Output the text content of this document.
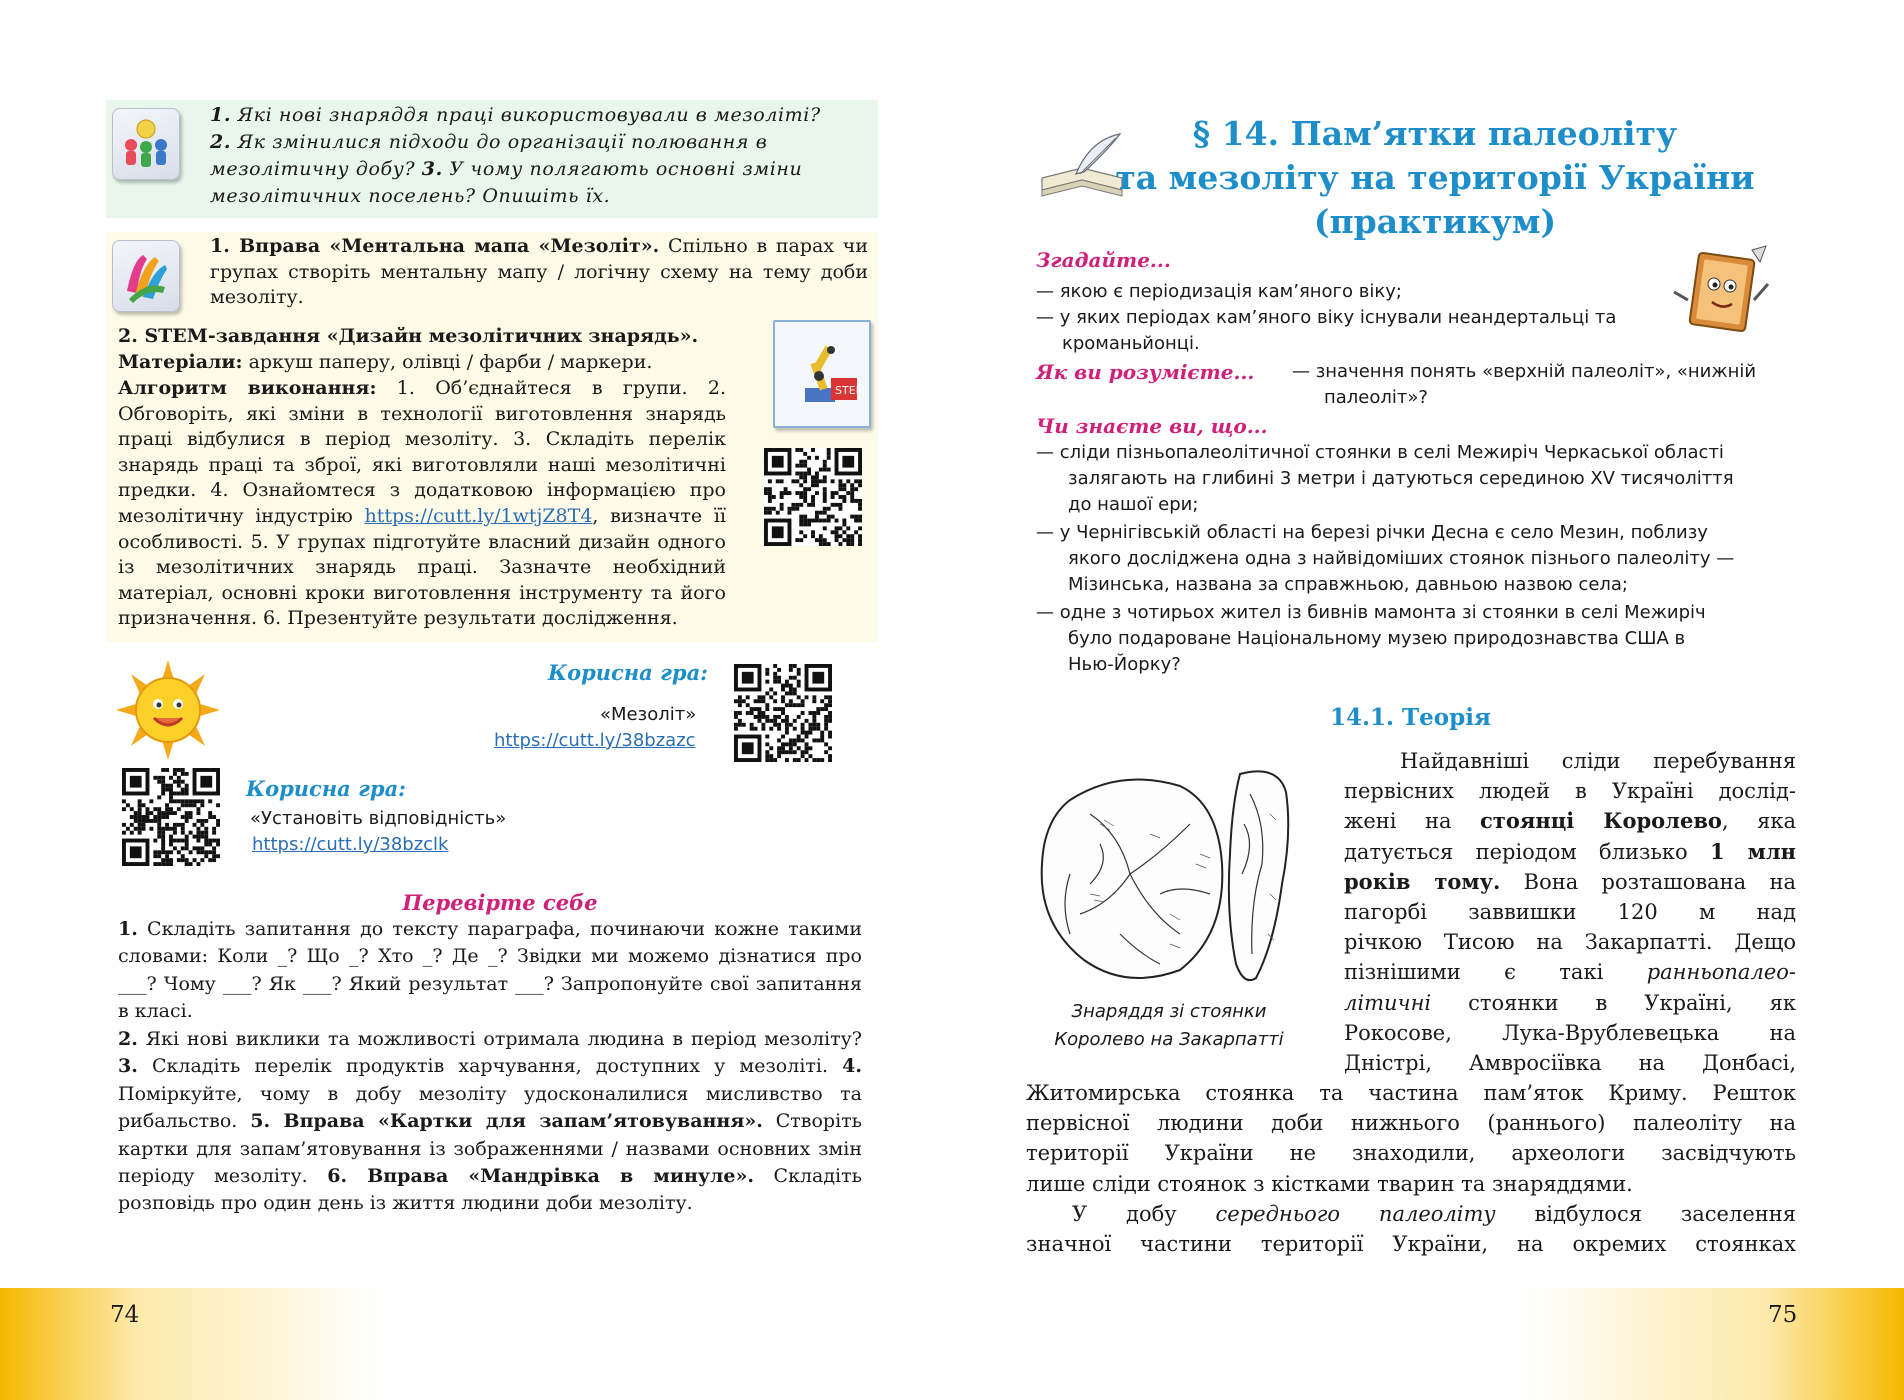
1. Які нові знаряддя праці використовували в мезоліті?
2. Як змінилися підходи до організації полювання в
мезолітичну добу? 3. У чому полягають основні зміни
мезолітичних поселень? Опишіть їх.
1. Вправа «Ментальна мапа «Мезоліт». Спільно в парах чи групах створіть ментальну мапу / логічну схему на тему доби мезоліту.
STEM
2. STEM-завдання «Дизайн мезолітичних знарядь».
Матеріали: аркуш паперу, олівці / фарби / маркери.

Алгоритм виконання: 1. Об’єднайтеся в групи. 2. Обговоріть, які зміни в технології виготовлення знарядь праці відбулися в період мезоліту. 3. Складіть перелік знарядь праці та зброї, які виготовляли наші мезолітичні предки. 4. Ознайомтеся з додатковою інформацією про мезолітичну індустрію https://cutt.ly/1wtjZ8T4, визначте її особливості. 5. У групах підготуйте власний дизайн одного із мезолітичних знарядь праці. Зазначте необхідний матеріал, основні кроки виготовлення інструменту та його призначення. 6. Презентуйте результати дослідження.
Корисна гра:
«Мезоліт»
https://cutt.ly/38bzazc
Корисна гра:
«Установіть відповідність»
https://cutt.ly/38bzclk
Перевірте себе
1. Складіть запитання до тексту параграфа, починаючи кожне такими словами: Коли _? Що _? Хто _? Де _? Звідки ми можемо дізнатися про ___? Чому ___? Як ___? Який результат ___? Запропонуйте свої запитання в класі.
2. Які нові виклики та можливості отримала людина в період мезоліту? 3. Складіть перелік продуктів харчування, доступних у мезоліті. 4. Поміркуйте, чому в добу мезоліту удосконалилися мисливство та рибальство. 5. Вправа «Картки для запам’ятовування». Створіть картки для запам’ятовування із зображеннями / назвами основних змін періоду мезоліту. 6. Вправа «Мандрівка в минуле». Складіть розповідь про один день із життя людини доби мезоліту.
74	75
§ 14. Пам’ятки палеоліту
та мезоліту на території України
(практикум)
Згадайте...
— якою є періодизація кам’яного віку;
— у яких періодах кам’яного віку існували неандертальці та
кроманьйонці.
Як ви розумієте... — значення понять «верхній палеоліт», «нижній
палеоліт»?
Чи знаєте ви, що...
— сліди пізньопалеолітичної стоянки в селі Межиріч Черкаської області
залягають на глибині 3 метри і датуються серединою XV тисячоліття
до нашої ери;
— у Чернігівській області на березі річки Десна є село Мезин, поблизу
якого досліджена одна з найвідоміших стоянок пізнього палеоліту —
Мізинська, названа за справжньою, давньою назвою села;
— одне з чотирьох жител із бивнів мамонта зі стоянки в селі Межиріч
було подароване Національному музею природознавства США в
Нью-Йорку?
14.1. Теорія
Знаряддя зі стоянки
Королево на Закарпатті
Найдавніші сліди перебування
первісних людей в Україні дослід-
жені на стоянці Королево, яка
датується періодом близько 1 млн
років тому. Вона розташована на
пагорбі заввишки 120 м над
річкою Тисою на Закарпатті. Дещо
пізнішими є такі ранньопалео-
літичні стоянки в Україні, як
Рокосове, Лука-Врублевецька на
Дністрі, Амвросіївка на Донбасі,
Житомирська стоянка та частина пам’яток Криму. Решток
первісної людини доби нижнього (раннього) палеоліту на
території України не знаходили, археологи засвідчують
лише сліди стоянок з кістками тварин та знаряддями.
У добу середнього палеоліту відбулося заселення
значної частини території України, на окремих стоянках
